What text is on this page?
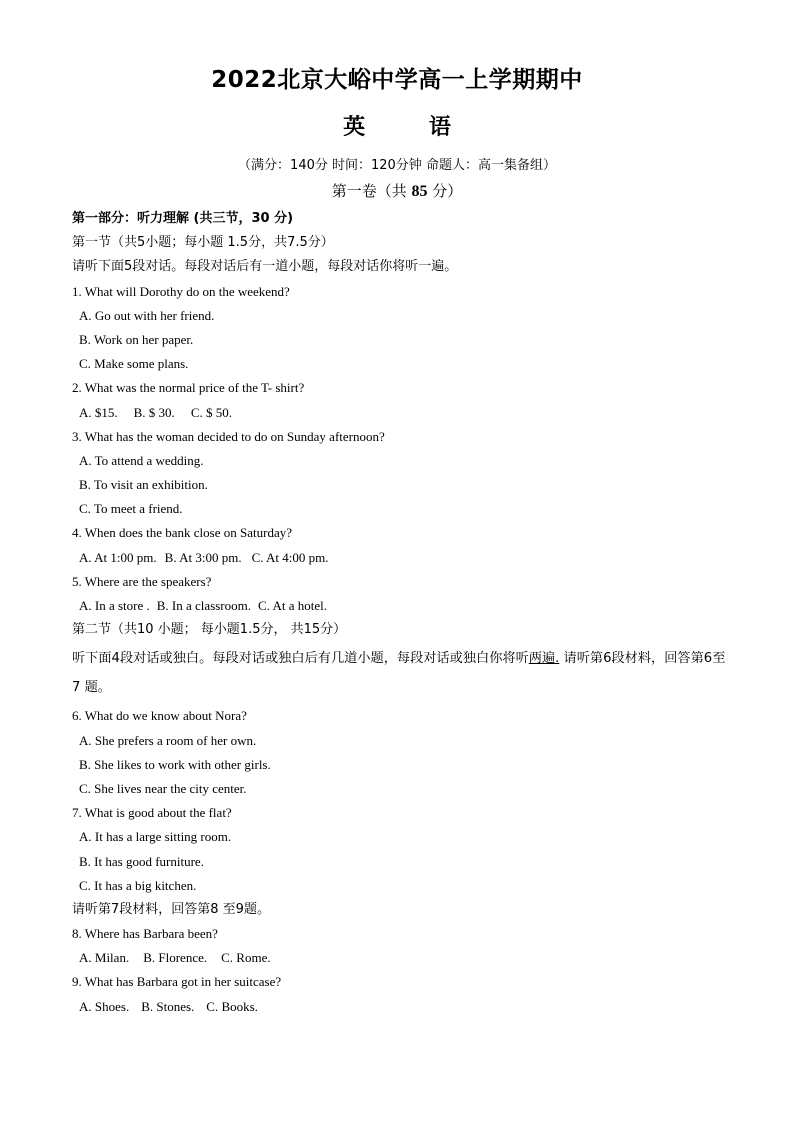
2022北京大峪中学高一上学期期中
英	语
（满分：140分 时间：120分钟 命题人：高一集备组）
第一卷（共 85 分）
第一部分：听力理解 (共三节，30 分)
第一节（共5小题；每小题 1.5分，共7.5分）
请听下面5段对话。每段对话后有一道小题，每段对话你将听一遍。
1. What will Dorothy do on the weekend?
A. Go out with her friend.
B. Work on her paper.
C. Make some plans.
2. What was the normal price of the T- shirt?
A. $15. B. $ 30. C. $ 50.
3. What has the woman decided to do on Sunday afternoon?
A. To attend a wedding.
B. To visit an exhibition.
C. To meet a friend.
4. When does the bank close on Saturday?
A. At 1:00 pm. B. At 3:00 pm. C. At 4:00 pm.
5. Where are the speakers?
A. In a store . B. In a classroom. C. At a hotel.
第二节（共10 小题； 每小题1.5分， 共15分）
听下面4段对话或独白。每段对话或独白后有几道小题，每段对话或独白你将听两遍. 请听第6段材料，回答第6至7 题。
6. What do we know about Nora?
A. She prefers a room of her own.
B. She likes to work with other girls.
C. She lives near the city center.
7. What is good about the flat?
A. It has a large sitting room.
B. It has good furniture.
C. It has a big kitchen.
请听第7段材料，回答第8 至9题。
8. Where has Barbara been?
A. Milan. B. Florence. C. Rome.
9. What has Barbara got in her suitcase?
A. Shoes. B. Stones. C. Books.
